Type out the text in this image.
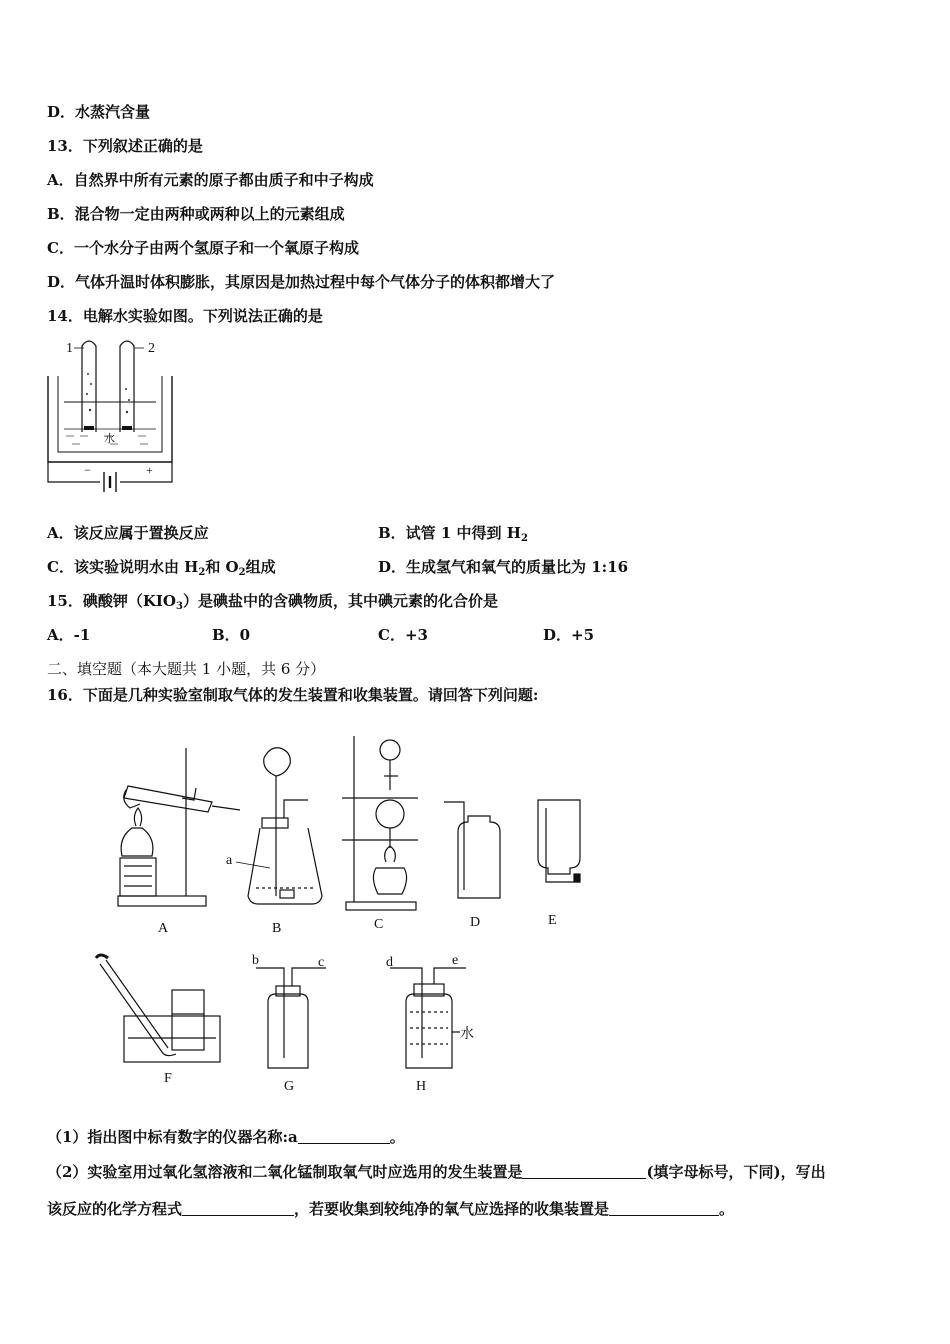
D．水蒸汽含量
13．下列叙述正确的是
A．自然界中所有元素的原子都由质子和中子构成
B．混合物一定由两种或两种以上的元素组成
C．一个水分子由两个氢原子和一个氧原子构成
D．气体升温时体积膨胀，其原因是加热过程中每个气体分子的体积都增大了
14．电解水实验如图。下列说法正确的是
1	2
水
−	+
A．该反应属于置换反应	B．试管 1 中得到 $H_2$
C．该实验说明水由 $H_2$和 $O_2$组成	D．生成氢气和氧气的质量比为 1:16
15．碘酸钾$(KIO_3)$是碘盐中的含碘物质，其中碘元素的化合价是
A．-1	B．0	C．+3	D．+5
二、填空题（本大题共 1 小题，共 6 分）
16．下面是几种实验室制取气体的发生装置和收集装置。请回答下列问题:
A	B	C	D	E
F
G	H
a
b	c	d	e
水
（1）指出图中标有数字的仪器名称:a	。
（2）实验室用过氧化氢溶液和二氧化锰制取氧气时应选用的发生装置是	(填字母标号，下同)，写出
该反应的化学方程式	，若要收集到较纯净的氧气应选择的收集装置是	。
